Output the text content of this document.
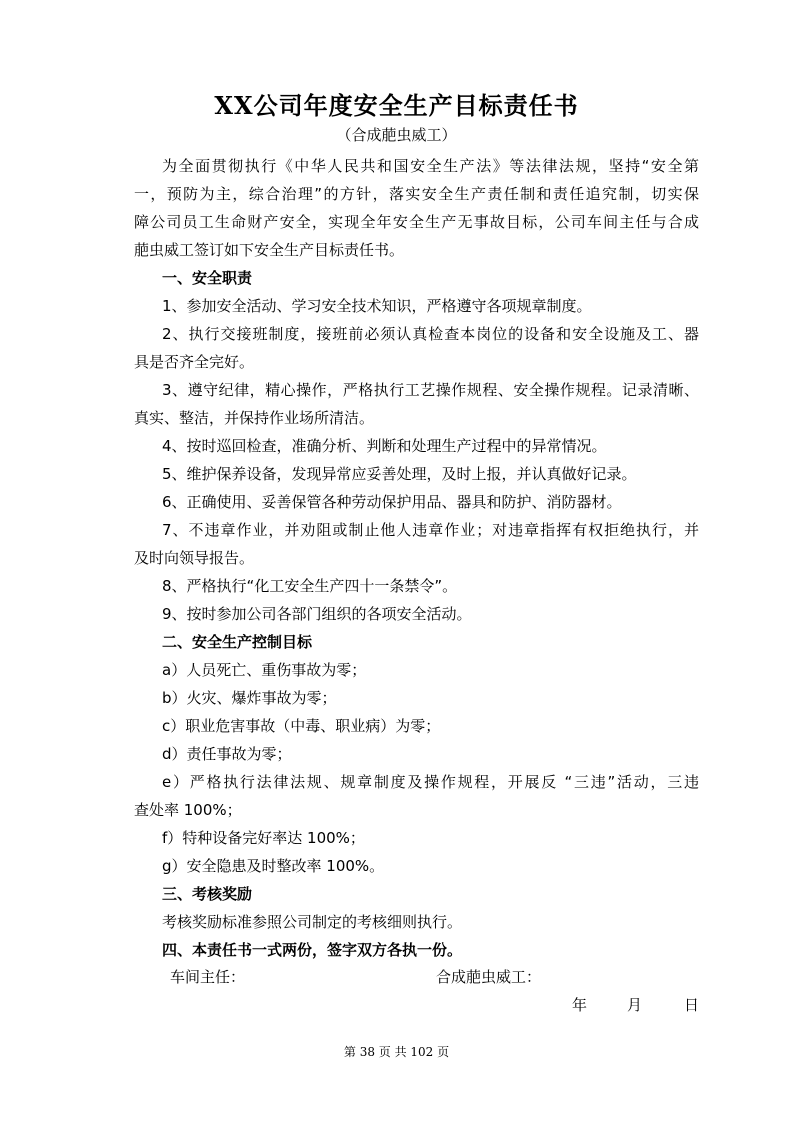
XX公司年度安全生产目标责任书
（合成萉虫威工）
为全面贯彻执行《中华人民共和国安全生产法》等法律法规，坚持“安全第
一，预防为主，综合治理”的方针，落实安全生产责任制和责任追究制，切实保
障公司员工生命财产安全，实现全年安全生产无事故目标，公司车间主任与合成
萉虫威工签订如下安全生产目标责任书。
一、安全职责
1、参加安全活动、学习安全技术知识，严格遵守各项规章制度。
2、执行交接班制度，接班前必须认真检查本岗位的设备和安全设施及工、器
具是否齐全完好。
3、遵守纪律，精心操作，严格执行工艺操作规程、安全操作规程。记录清晰、
真实、整洁，并保持作业场所清洁。
4、按时巡回检查，准确分析、判断和处理生产过程中的异常情况。
5、维护保养设备，发现异常应妥善处理，及时上报，并认真做好记录。
6、正确使用、妥善保管各种劳动保护用品、器具和防护、消防器材。
7、不违章作业，并劝阻或制止他人违章作业；对违章指挥有权拒绝执行，并
及时向领导报告。
8、严格执行“化工安全生产四十一条禁令”。
9、按时参加公司各部门组织的各项安全活动。
二、安全生产控制目标
a）人员死亡、重伤事故为零；
b）火灾、爆炸事故为零；
c）职业危害事故（中毒、职业病）为零；
d）责任事故为零；
e）严格执行法律法规、规章制度及操作规程，开展反 “三违”活动，三违
查处率 100%；
f）特种设备完好率达 100%；
g）安全隐患及时整改率 100%。
三、考核奖励
考核奖励标准参照公司制定的考核细则执行。
四、本责任书一式两份，签字双方各执一份。
车间主任：	合成萉虫威工：
年	月	日
第 38 页 共 102 页
